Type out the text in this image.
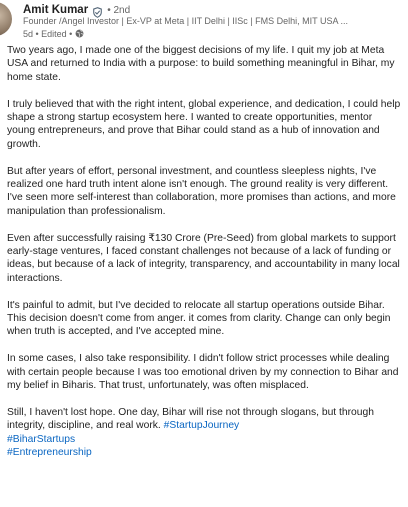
Amit Kumar • 2nd
Founder /Angel Investor | Ex-VP at Meta | IIT Delhi | IISc | FMS Delhi, MIT USA ...
5d • Edited •

Two years ago, I made one of the biggest decisions of my life. I quit my job at Meta USA and returned to India with a purpose: to build something meaningful in Bihar, my home state.

I truly believed that with the right intent, global experience, and dedication, I could help shape a strong startup ecosystem here. I wanted to create opportunities, mentor young entrepreneurs, and prove that Bihar could stand as a hub of innovation and growth.

But after years of effort, personal investment, and countless sleepless nights, I've realized one hard truth intent alone isn't enough. The ground reality is very different. I've seen more self-interest than collaboration, more promises than actions, and more manipulation than professionalism.

Even after successfully raising ₹130 Crore (Pre-Seed) from global markets to support early-stage ventures, I faced constant challenges not because of a lack of funding or ideas, but because of a lack of integrity, transparency, and accountability in many local interactions.

It's painful to admit, but I've decided to relocate all startup operations outside Bihar. This decision doesn't come from anger. it comes from clarity. Change can only begin when truth is accepted, and I've accepted mine.

In some cases, I also take responsibility. I didn't follow strict processes while dealing with certain people because I was too emotional driven by my connection to Bihar and my belief in Biharis. That trust, unfortunately, was often misplaced.

Still, I haven't lost hope. One day, Bihar will rise not through slogans, but through integrity, discipline, and real work. #StartupJourney
#BiharStartups
#Entrepreneurship
